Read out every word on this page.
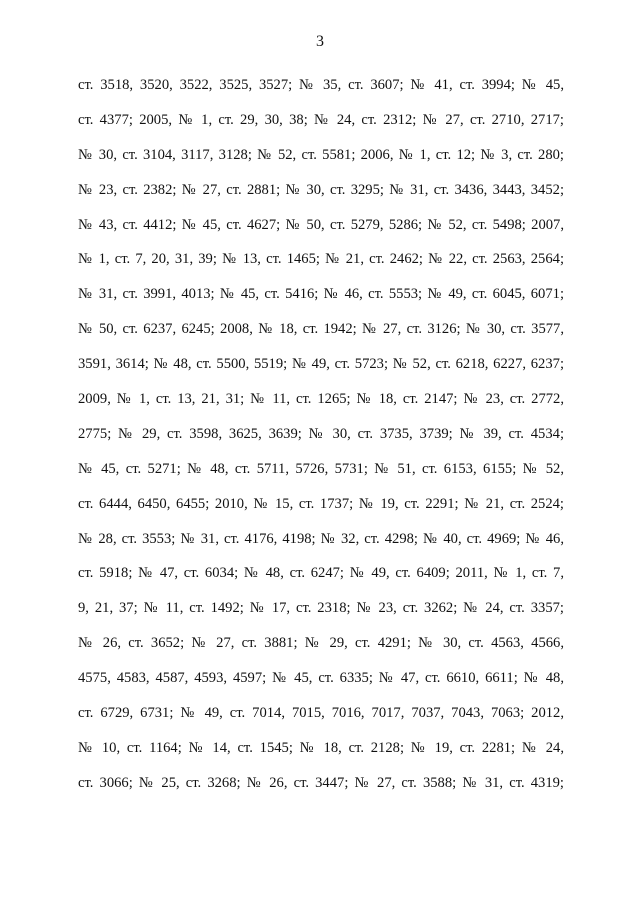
3
ст. 3518, 3520, 3522, 3525, 3527; № 35, ст. 3607; № 41, ст. 3994; № 45,
ст. 4377; 2005, № 1, ст. 29, 30, 38; № 24, ст. 2312; № 27, ст. 2710, 2717;
№ 30, ст. 3104, 3117, 3128; № 52, ст. 5581; 2006, № 1, ст. 12; № 3, ст. 280;
№ 23, ст. 2382; № 27, ст. 2881; № 30, ст. 3295; № 31, ст. 3436, 3443, 3452;
№ 43, ст. 4412; № 45, ст. 4627; № 50, ст. 5279, 5286; № 52, ст. 5498; 2007,
№ 1, ст. 7, 20, 31, 39; № 13, ст. 1465; № 21, ст. 2462; № 22, ст. 2563, 2564;
№ 31, ст. 3991, 4013; № 45, ст. 5416; № 46, ст. 5553; № 49, ст. 6045, 6071;
№ 50, ст. 6237, 6245; 2008, № 18, ст. 1942; № 27, ст. 3126; № 30, ст. 3577,
3591, 3614; № 48, ст. 5500, 5519; № 49, ст. 5723; № 52, ст. 6218, 6227, 6237;
2009, № 1, ст. 13, 21, 31; № 11, ст. 1265; № 18, ст. 2147; № 23, ст. 2772,
2775; № 29, ст. 3598, 3625, 3639; № 30, ст. 3735, 3739; № 39, ст. 4534;
№ 45, ст. 5271; № 48, ст. 5711, 5726, 5731; № 51, ст. 6153, 6155; № 52,
ст. 6444, 6450, 6455; 2010, № 15, ст. 1737; № 19, ст. 2291; № 21, ст. 2524;
№ 28, ст. 3553; № 31, ст. 4176, 4198; № 32, ст. 4298; № 40, ст. 4969; № 46,
ст. 5918; № 47, ст. 6034; № 48, ст. 6247; № 49, ст. 6409; 2011, № 1, ст. 7,
9, 21, 37; № 11, ст. 1492; № 17, ст. 2318; № 23, ст. 3262; № 24, ст. 3357;
№ 26, ст. 3652; № 27, ст. 3881; № 29, ст. 4291; № 30, ст. 4563, 4566,
4575, 4583, 4587, 4593, 4597; № 45, ст. 6335; № 47, ст. 6610, 6611; № 48,
ст. 6729, 6731; № 49, ст. 7014, 7015, 7016, 7017, 7037, 7043, 7063; 2012,
№ 10, ст. 1164; № 14, ст. 1545; № 18, ст. 2128; № 19, ст. 2281; № 24,
ст. 3066; № 25, ст. 3268; № 26, ст. 3447; № 27, ст. 3588; № 31, ст. 4319;
